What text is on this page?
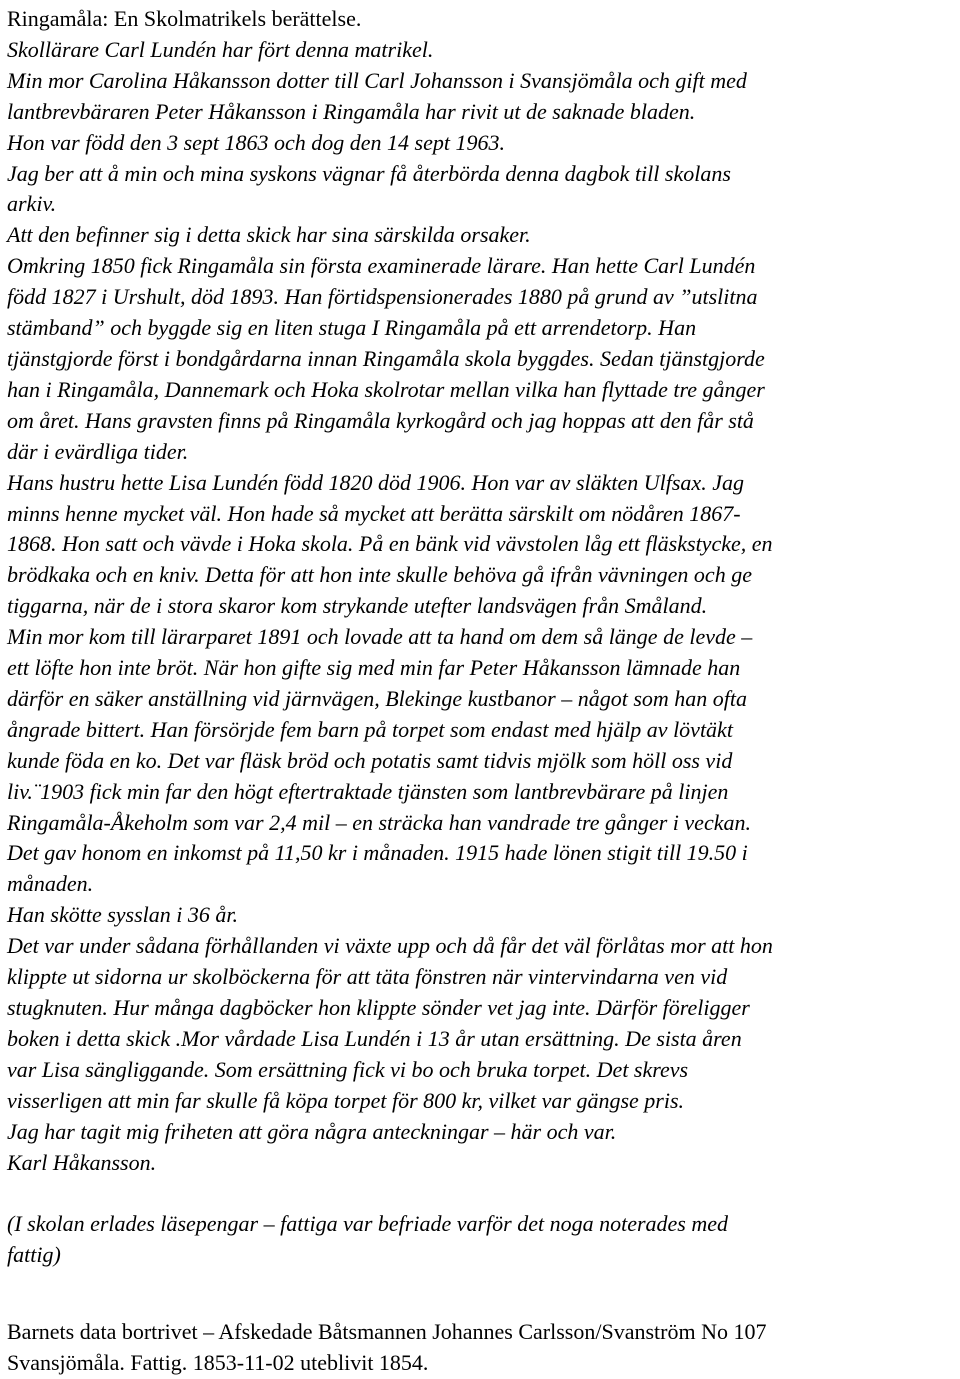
Ringamåla: En Skolmatrikels berättelse.
Skollärare Carl Lundén har fört denna matrikel.
Min mor Carolina Håkansson dotter till Carl Johansson i Svansjömåla och gift med
lantbrevbäraren Peter Håkansson i Ringamåla har rivit ut de saknade bladen.
Hon var född den 3 sept 1863 och dog den 14 sept 1963.
Jag ber att å min och mina syskons vägnar få återbörda denna dagbok till skolans
arkiv.
Att den befinner sig i detta skick har sina särskilda orsaker.
Omkring 1850 fick Ringamåla sin första examinerade lärare. Han hette Carl Lundén
född 1827 i Urshult, död 1893. Han förtidspensionerades 1880 på grund av ”utslitna
stämband” och byggde sig en liten stuga I Ringamåla på ett arrendetorp. Han
tjänstgjorde först i bondgårdarna innan Ringamåla skola byggdes. Sedan tjänstgjorde
han i Ringamåla, Dannemark och Hoka skolrotar mellan vilka han flyttade tre gånger
om året. Hans gravsten finns på Ringamåla kyrkogård och jag hoppas att den får stå
där i evärdliga tider.
Hans hustru hette Lisa Lundén född 1820 död 1906. Hon var av släkten Ulfsax. Jag
minns henne mycket väl. Hon hade så mycket att berätta särskilt om nödåren 1867-
1868. Hon satt och vävde i Hoka skola. På en bänk vid vävstolen låg ett fläskstycke, en
brödkaka och en kniv. Detta för att hon inte skulle behöva gå ifrån vävningen och ge
tiggarna, när de i stora skaror kom strykande utefter landsvägen från Småland.
Min mor kom till lärarparet 1891 och lovade att ta hand om dem så länge de levde –
ett löfte hon inte bröt. När hon gifte sig med min far Peter Håkansson lämnade han
därför en säker anställning vid järnvägen, Blekinge kustbanor – något som han ofta
ångrade bittert. Han försörjde fem barn på torpet som endast med hjälp av lövtäkt
kunde föda en ko. Det var fläsk bröd och potatis samt tidvis mjölk som höll oss vid
liv.¨1903 fick min far den högt eftertraktade tjänsten som lantbrevbärare på linjen
Ringamåla-Åkeholm som var 2,4 mil – en sträcka han vandrade tre gånger i veckan.
Det gav honom en inkomst på 11,50 kr i månaden. 1915 hade lönen stigit till 19.50 i
månaden.
Han skötte sysslan i 36 år.
Det var under sådana förhållanden vi växte upp och då får det väl förlåtas mor att hon
klippte ut sidorna ur skolböckerna för att täta fönstren när vintervindarna ven vid
stugknuten. Hur många dagböcker hon klippte sönder vet jag inte. Därför föreligger
boken i detta skick .Mor vårdade Lisa Lundén i 13 år utan ersättning. De sista åren
var Lisa sängliggande. Som ersättning fick vi bo och bruka torpet. Det skrevs
visserligen att min far skulle få köpa torpet för 800 kr, vilket var gängse pris.
Jag har tagit mig friheten att göra några anteckningar – här och var.
Karl Håkansson.
(I skolan erlades läsepengar – fattiga var befriade varför det noga noterades med
fattig)
Barnets data bortrivet – Afskedade Båtsmannen Johannes Carlsson/Svanström No 107
Svansjömåla. Fattig. 1853-11-02 uteblivit 1854.
